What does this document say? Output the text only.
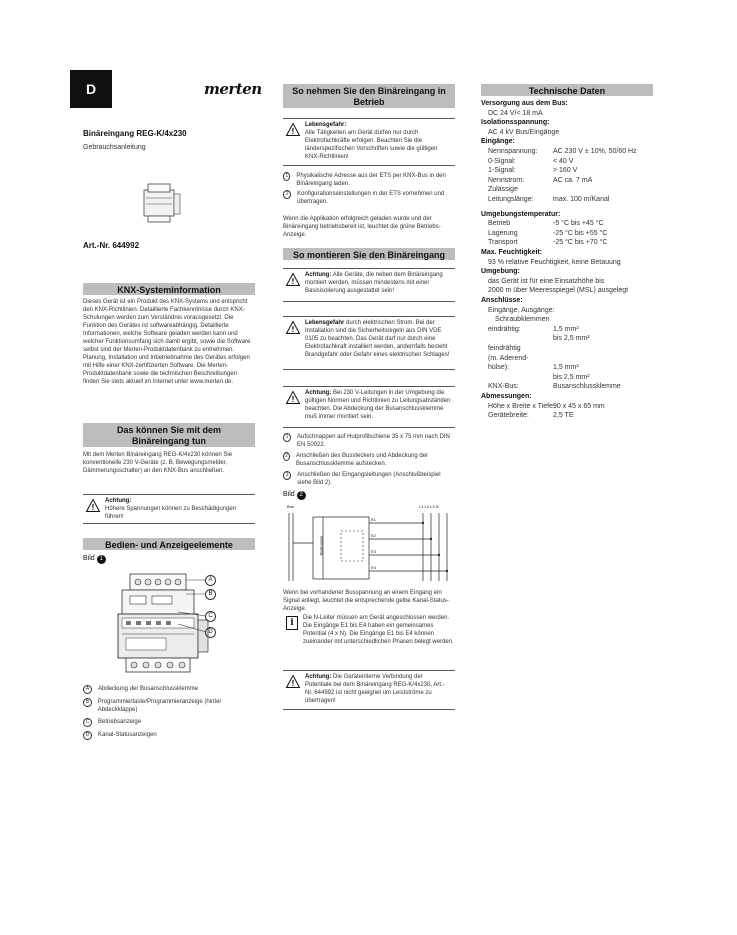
D	merten
Binäreingang REG-K/4x230
Gebrauchsanleitung
Art.-Nr. 644992
KNX-Systeminformation
Dieses Gerät ist ein Produkt des KNX-Systems und entspricht den KNX-Richtlinien. Detaillierte Fachkenntnisse durch KNX-Schulungen werden zum Verständnis vorausgesetzt. Die Funktion des Gerätes ist softwareabhängig. Detaillierte Informationen, welche Software geladen werden kann und welcher Funktionsumfang sich damit ergibt, sowie die Software selbst sind der Merten-Produktdatenbank zu entnehmen. Planung, Installation und Inbetriebnahme des Gerätes erfolgen mit Hilfe einer KNX-zertifizierten Software. Die Merten-Produktdatenbank sowie die technischen Beschreibungen finden Sie stets aktuell im Internet unter www.merten.de.
Das können Sie mit dem Binäreingang tun
Mit dem Merten Binäreingang REG-K/4x230 können Sie konventionelle 230 V-Geräte (z. B. Bewegungsmelder, Dämmerungsschalter) an den KNX-Bus anschließen.
!
Achtung:
Höhere Spannungen können zu Beschädigungen führen!
Bedien- und Anzeigeelemente
Bild 1
A
B
C
D
A Abdeckung der Busanschlussklemme
B	Programmiertaste/Programmieranzeige (hinter Abdeckklappe)
C Betriebsanzeige
D Kanal-Statusanzeigen
So nehmen Sie den Binäreingang in Betrieb
!
Lebensgefahr:
Alle Tätigkeiten am Gerät dürfen nur durch Elektrofachkräfte erfolgen. Beachten Sie die länderspezifischen Vorschriften sowie die gültigen KNX-Richtlinien!
1	Physikalische Adresse aus der ETS per KNX-Bus in den Binäreingang laden.
2	Konfigurationseinstellungen in der ETS vornehmen und übertragen.
Wenn die Applikation erfolgreich geladen wurde und der Binäreingang betriebsbereit ist, leuchtet die grüne Betriebs-Anzeige.
So montieren Sie den Binäreingang
!
Achtung: Alle Geräte, die neben dem Binäreingang montiert werden, müssen mindestens mit einer Basisisolierung ausgestattet sein!
!
Lebensgefahr durch elektrischen Strom. Bei der Installation sind die Sicherheitsregeln aus DIN VDE 0105 zu beachten. Das Gerät darf nur durch eine Elektrofachkraft installiert werden, andernfalls besteht Brandgefahr oder Gefahr eines elektrischen Schlages!
!
Achtung: Bei 230 V-Leitungen in der Umgebung die gültigen Normen und Richtlinien zu Leitungsabständen beachten. Die Abdeckung der Busanschlussklemme muß immer montiert sein.
1	Aufschnappen auf Hutprofilschiene 35 x 75 mm nach DIN EN 50022.
2	Anschließen des Bussteckers und Abdeckung der Busanschlussklemme aufstecken.
3	Anschließen der Eingangsleitungen (Anschlußbeispiel siehe Bild 2).
Bild 2
Bus	L1 L2 L3 N
Buskoppler
E1
E2
E3
E4
Wenn bei vorhandener Busspannung an einem Eingang ein Signal anliegt, leuchtet die entsprechende gelbe Kanal-Status-Anzeige.
i	Die N-Leiter müssen am Gerät angeschlossen werden. Die Eingänge E1 bis E4 haben ein gemeinsames Potential (4 x N). Die Eingänge E1 bis E4 können zueinander mit unterschiedlichen Phasen belegt werden.
!
Achtung: Die Geräteinterne Verbindung der Potentiale bei dem Binäreingang REG-K/4x230, Art.-Nr. 644992 ist nicht geeignet um Leistströme zu übertragen!
Technische Daten
Versorgung aus dem Bus:
DC 24 V/< 18 mA
Isolationsspannung:
AC 4 kV Bus/Eingänge
Eingänge:
Nennspannung: AC 230 V ± 10%, 50/60 Hz
0-Signal:	< 40 V
1-Signal:	> 160 V
Nennstrom:	AC ca. 7 mA
Zulässige
Leitungslänge:	max. 100 m/Kanal
Umgebungstemperatur:
Betrieb	-5 °C bis +45 °C
Lagerung	-25 °C bis +55 °C
Transport	-25 °C bis +70 °C
Max. Feuchtigkeit:
93 % relative Feuchtigkeit, keine Betauung
Umgebung:
das Gerät ist für eine Einsatzhöhe bis
2000 m über Meeresspiegel (MSL) ausgelegt
Anschlüsse:
Eingänge, Ausgänge:
Schraubklemmen
eindrähtig:	1,5 mm²
bis 2,5 mm²
feindrähtig
(m. Aderend-
hülse):	1,5 mm²
bis 2,5 mm²
KNX-Bus:	Busanschlussklemme
Abmessungen:
Höhe x Breite x Tiefe:
90 x 45 x 65 mm
Gerätebreite:	2,5 TE
